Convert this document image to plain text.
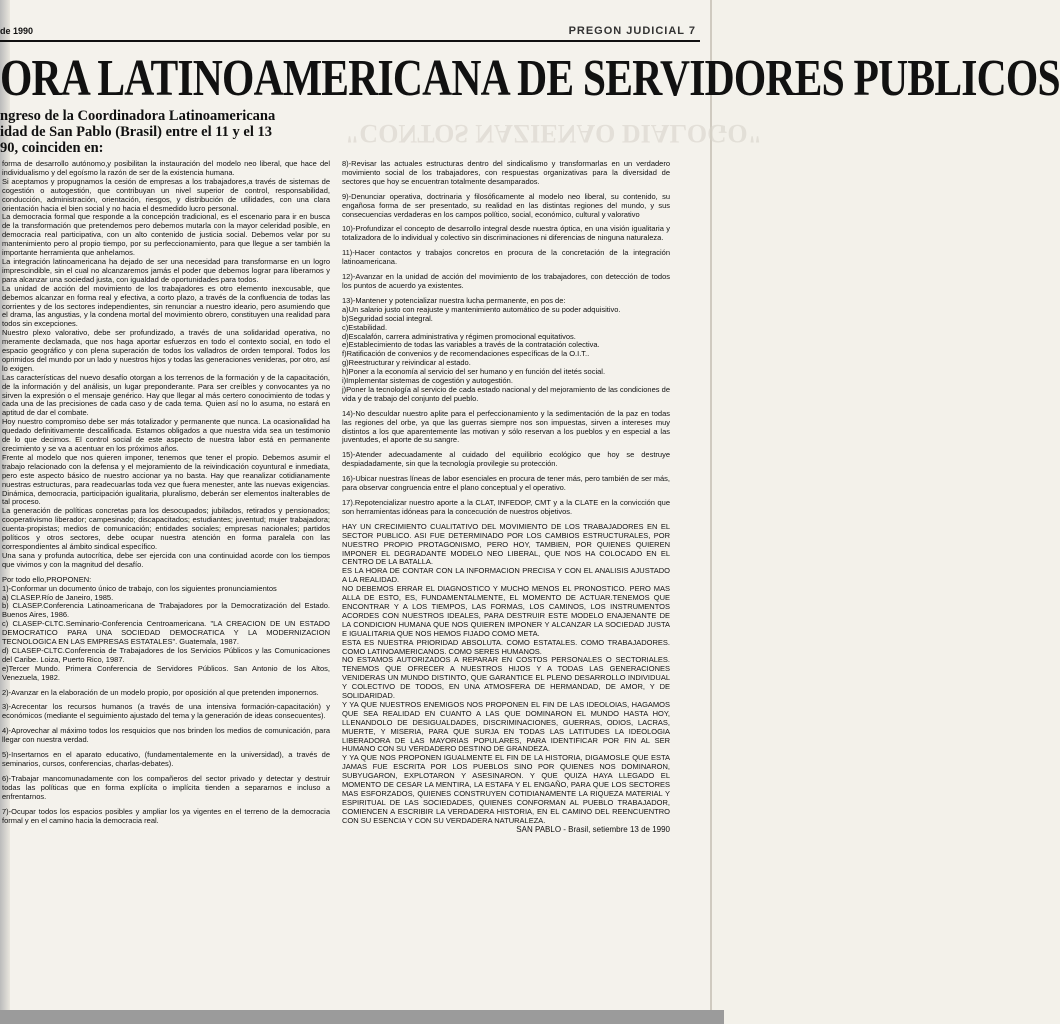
de 1990	PREGON JUDICIAL 7
ORA LATINOAMERICANA DE SERVIDORES PUBLICOS
ngreso de la Coordinadora Latinoamericana
idad de San Pablo (Brasil) entre el 11 y el 13
90, coinciden en:	"CONTOS NAZIENAO DIALOGO"

forma de desarrollo autónomo,y posibilitan la instauración del modelo neo liberal, que hace del individualismo y del egoísmo la razón de ser de la existencia humana.

Si aceptamos y propugnamos la cesión de empresas a los trabajadores,a través de sistemas de cogestión o autogestión, que contribuyan un nivel superior de control, responsabilidad, conducción, administración, orientación, riesgos, y distribución de utilidades, con una clara orientación hacia el bien social y no hacia el desmedido lucro personal.

La democracia formal que responde a la concepción tradicional, es el escenario para ir en busca de la transformación que pretendemos pero debemos mutarla con la mayor celeridad posible, en democracia real participativa, con un alto contenido de justicia social. Debemos velar por su mantenimiento pero al propio tiempo, por su perfeccionamiento, para que llegue a ser también la importante herramienta que anhelamos.

La integración latinoamericana ha dejado de ser una necesidad para transformarse en un logro imprescindible, sin el cual no alcanzaremos jamás el poder que debemos lograr para liberarnos y para alcanzar una sociedad justa, con igualdad de oportunidades para todos.

La unidad de acción del movimiento de los trabajadores es otro elemento inexcusable, que debemos alcanzar en forma real y efectiva, a corto plazo, a través de la confluencia de todas las corrientes y de los sectores independientes, sin renunciar a nuestro ideario, pero asumiendo que el drama, las angustias, y la condena mortal del movimiento obrero, constituyen una realidad para todos sin excepciones.

Nuestro plexo valorativo, debe ser profundizado, a través de una solidaridad operativa, no meramente declamada, que nos haga aportar esfuerzos en todo el contexto social, en todo el espacio geográfico y con plena superación de todos los valladros de orden temporal. Todos los oprimidos del mundo por un lado y nuestros hijos y todas las generaciones venideras, por otro, así lo exigen.

Las características del nuevo desafío otorgan a los terrenos de la formación y de la capacitación, de la información y del análisis, un lugar preponderante. Para ser creíbles y convocantes ya no sirven la expresión o el mensaje genérico. Hay que llegar al más certero conocimiento de todas y cada una de las precisiones de cada caso y de cada tema. Quien así no lo asuma, no estará en aptitud de dar el combate.

Hoy nuestro compromiso debe ser más totalizador y permanente que nunca. La ocasionalidad ha quedado definitivamente descalificada. Estamos obligados a que nuestra vida sea un testimonio de lo que decimos. El control social de este aspecto de nuestra labor está en permanente crecimiento y se va a acentuar en los próximos años.

Frente al modelo que nos quieren imponer, tenemos que tener el propio. Debemos asumir el trabajo relacionado con la defensa y el mejoramiento de la reivindicación coyuntural e inmediata, pero este aspecto básico de nuestro accionar ya no basta. Hay que reanalizar cotidianamente nuestras estructuras, para readecuarlas toda vez que fuera menester, ante las nuevas exigencias. Dinámica, democracia, participación igualitaria, pluralismo, deberán ser elementos inalterables de tal proceso.

La generación de políticas concretas para los desocupados; jubilados, retirados y pensionados; cooperativismo liberador; campesinado; discapacitados; estudiantes; juventud; mujer trabajadora; cuenta-propistas; medios de comunicación; entidades sociales; empresas nacionales; partidos políticos y otros sectores, debe ocupar nuestra atención en forma paralela con las correspondientes al ámbito sindical específico.

Una sana y profunda autocrítica, debe ser ejercida con una continuidad acorde con los tiempos que vivimos y con la magnitud del desafío.

Por todo ello,PROPONEN:

1)-Conformar un documento único de trabajo, con los siguientes pronunciamientos

a) CLASEP.Río de Janeiro, 1985.

b) CLASEP.Conferencia Latinoamericana de Trabajadores por la Democratización del Estado. Buenos Aires, 1986.

c) CLASEP-CLTC.Seminario-Conferencia Centroamericana. "LA CREACION DE UN ESTADO DEMOCRATICO PARA UNA SOCIEDAD DEMOCRATICA Y LA MODERNIZACION TECNOLOGICA EN LAS EMPRESAS ESTATALES". Guatemala, 1987.

d) CLASEP-CLTC.Conferencia de Trabajadores de los Servicios Públicos y las Comunicaciones del Caribe. Loiza, Puerto Rico, 1987.

e)Tercer Mundo. Primera Conferencia de Servidores Públicos. San Antonio de los Altos, Venezuela, 1982.

2)-Avanzar en la elaboración de un modelo propio, por oposición al que pretenden imponernos.

3)-Acrecentar los recursos humanos (a través de una intensiva formación-capacitación) y económicos (mediante el seguimiento ajustado del tema y la generación de ideas consecuentes).

4)-Aprovechar al máximo todos los resquicios que nos brinden los medios de comunicación, para llegar con nuestra verdad.

5)-Insertarnos en el aparato educativo, (fundamentalemente en la universidad), a través de seminarios, cursos, conferencias, charlas-debates).

6)-Trabajar mancomunadamente con los compañeros del sector privado y detectar y destruir todas las políticas que en forma explícita o implícita tienden a separarnos e incluso a enfrentarnos.

7)-Ocupar todos los espacios posibles y ampliar los ya vigentes en el terreno de la democracia formal y en el camino hacia la democracia real.

8)-Revisar las actuales estructuras dentro del sindicalismo y transformarlas en un verdadero movimiento social de los trabajadores, con respuestas organizativas para la diversidad de sectores que hoy se encuentran totalmente desamparados.

9)-Denunciar operativa, doctrinaria y filosóficamente al modelo neo liberal, su contenido, su engañosa forma de ser presentado, su realidad en las distintas regiones del mundo, y sus consecuencias verdaderas en los campos político, social, económico, cultural y valorativo

10)-Profundizar el concepto de desarrollo integral desde nuestra óptica, en una visión igualitaria y totalizadora de lo individual y colectivo sin discriminaciones ni diferencias de ninguna naturaleza.

11)-Hacer contactos y trabajos concretos en procura de la concretación de la integración latinoamericana.

12)-Avanzar en la unidad de acción del movimiento de los trabajadores, con detección de todos los puntos de acuerdo ya existentes.

13)-Mantener y potencializar nuestra lucha permanente, en pos de:

a)Un salario justo con reajuste y mantenimiento automático de su poder adquisitivo.

b)Seguridad social integral.

c)Estabilidad.

d)Escalafón, carrera administrativa y régimen promocional equitativos.

e)Establecimiento de todas las variables a través de la contratación colectiva.

f)Ratificación de convenios y de recomendaciones específicas de la O.I.T..

g)Reestructurar y reivindicar al estado.

h)Poner a la economía al servicio del ser humano y en función del itetés social.

i)Implementar sistemas de cogestión y autogestión.

j)Poner la tecnología al servicio de cada estado nacional y del mejoramiento de las condiciones de vida y de trabajo del conjunto del pueblo.

14)-No desculdar nuestro aplite para el perfeccionamiento y la sedimentación de la paz en todas las regiones del orbe, ya que las guerras siempre nos son impuestas, sirven a intereses muy distintos a los que aparentemente las motivan y sólo reservan a los pueblos y en especial a las juventudes, el aporte de su sangre.

15)-Atender adecuadamente al cuidado del equilibrio ecológico que hoy se destruye despiadadamente, sin que la tecnología provilegie su protección.

16)-Ubicar nuestras líneas de labor esenciales en procura de tener más, pero también de ser más, para observar congruencia entre el plano conceptual y el operativo.

17).Repotencializar nuestro aporte a la CLAT, INFEDOP, CMT y a la CLATE en la convicción que son herramientas idóneas para la concecución de nuestros objetivos.

HAY UN CRECIMIENTO CUALITATIVO DEL MOVIMIENTO DE LOS TRABAJADORES EN EL SECTOR PUBLICO. ASI FUE DETERMINADO POR LOS CAMBIOS ESTRUCTURALES, POR NUESTRO PROPIO PROTAGONISMO, PERO HOY, TAMBIEN, POR QUIENES QUIEREN IMPONER EL DEGRADANTE MODELO NEO LIBERAL, QUE NOS HA COLOCADO EN EL CENTRO DE LA BATALLA.

ES LA HORA DE CONTAR CON LA INFORMACION PRECISA Y CON EL ANALISIS AJUSTADO A LA REALIDAD.

NO DEBEMOS ERRAR EL DIAGNOSTICO Y MUCHO MENOS EL PRONOSTICO. PERO MAS ALLA DE ESTO, ES, FUNDAMENTALMENTE, EL MOMENTO DE ACTUAR.TENEMOS QUE ENCONTRAR Y A LOS TIEMPOS, LAS FORMAS, LOS CAMINOS, LOS INSTRUMENTOS ACORDES CON NUESTROS IDEALES, PARA DESTRUIR ESTE MODELO ENAJENANTE DE LA CONDICION HUMANA QUE NOS QUIEREN IMPONER Y ALCANZAR LA SOCIEDAD JUSTA E IGUALITARIA QUE NOS HEMOS FIJADO COMO META.

ESTA ES NUESTRA PRIORIDAD ABSOLUTA. COMO ESTATALES. COMO TRABAJADORES. COMO LATINOAMERICANOS. COMO SERES HUMANOS.

NO ESTAMOS AUTORIZADOS A REPARAR EN COSTOS PERSONALES O SECTORIALES. TENEMOS QUE OFRECER A NUESTROS HIJOS Y A TODAS LAS GENERACIONES VENIDERAS UN MUNDO DISTINTO, QUE GARANTICE EL PLENO DESARROLLO INDIVIDUAL Y COLECTIVO DE TODOS, EN UNA ATMOSFERA DE HERMANDAD, DE AMOR, Y DE SOLIDARIDAD.

Y YA QUE NUESTROS ENEMIGOS NOS PROPONEN EL FIN DE LAS IDEOLOIAS, HAGAMOS QUE SEA REALIDAD EN CUANTO A LAS QUE DOMINARON EL MUNDO HASTA HOY, LLENANDOLO DE DESIGUALDADES, DISCRIMINACIONES, GUERRAS, ODIOS, LACRAS, MUERTE, Y MISERIA, PARA QUE SURJA EN TODAS LAS LATITUDES LA IDEOLOGIA LIBERADORA DE LAS MAYORIAS POPULARES, PARA IDENTIFICAR POR FIN AL SER HUMANO CON SU VERDADERO DESTINO DE GRANDEZA.

Y YA QUE NOS PROPONEN IGUALMENTE EL FIN DE LA HISTORIA, DIGAMOSLE QUE ESTA JAMAS FUE ESCRITA POR LOS PUEBLOS SINO POR QUIENES NOS DOMINARON, SUBYUGARON, EXPLOTARON Y ASESINARON. Y QUE QUIZA HAYA LLEGADO EL MOMENTO DE CESAR LA MENTIRA, LA ESTAFA Y EL ENGAÑO, PARA QUE LOS SECTORES MAS ESFORZADOS, QUIENES CONSTRUYEN COTIDIANAMENTE LA RIQUEZA MATERIAL Y ESPIRITUAL DE LAS SOCIEDADES, QUIENES CONFORMAN AL PUEBLO TRABAJADOR, COMIENCEN A ESCRIBIR LA VERDADERA HISTORIA, EN EL CAMINO DEL REENCUENTRO CON SU ESENCIA Y CON SU VERDADERA NATURALEZA.

SAN PABLO - Brasil, setiembre 13 de 1990
